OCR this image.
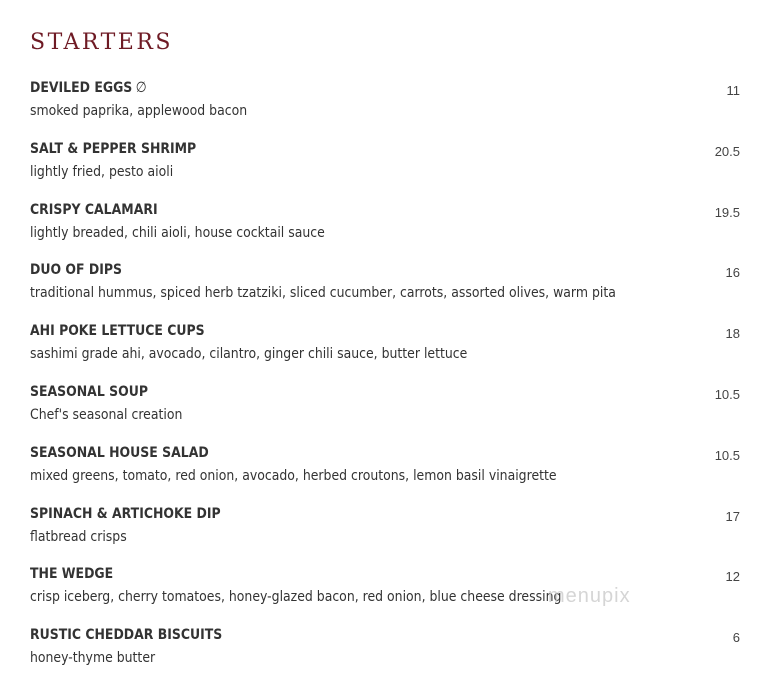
STARTERS
DEVILED EGGS ∅
smoked paprika, applewood bacon
11
SALT & PEPPER SHRIMP
lightly fried, pesto aioli
20.5
CRISPY CALAMARI
lightly breaded, chili aioli, house cocktail sauce
19.5
DUO OF DIPS
traditional hummus, spiced herb tzatziki, sliced cucumber, carrots, assorted olives, warm pita
16
AHI POKE LETTUCE CUPS
sashimi grade ahi, avocado, cilantro, ginger chili sauce, butter lettuce
18
SEASONAL SOUP
Chef's seasonal creation
10.5
SEASONAL HOUSE SALAD
mixed greens, tomato, red onion, avocado, herbed croutons, lemon basil vinaigrette
10.5
SPINACH & ARTICHOKE DIP
flatbread crisps
17
THE WEDGE
crisp iceberg, cherry tomatoes, honey-glazed bacon, red onion, blue cheese dressing
12
RUSTIC CHEDDAR BISCUITS
honey-thyme butter
6
menupix
